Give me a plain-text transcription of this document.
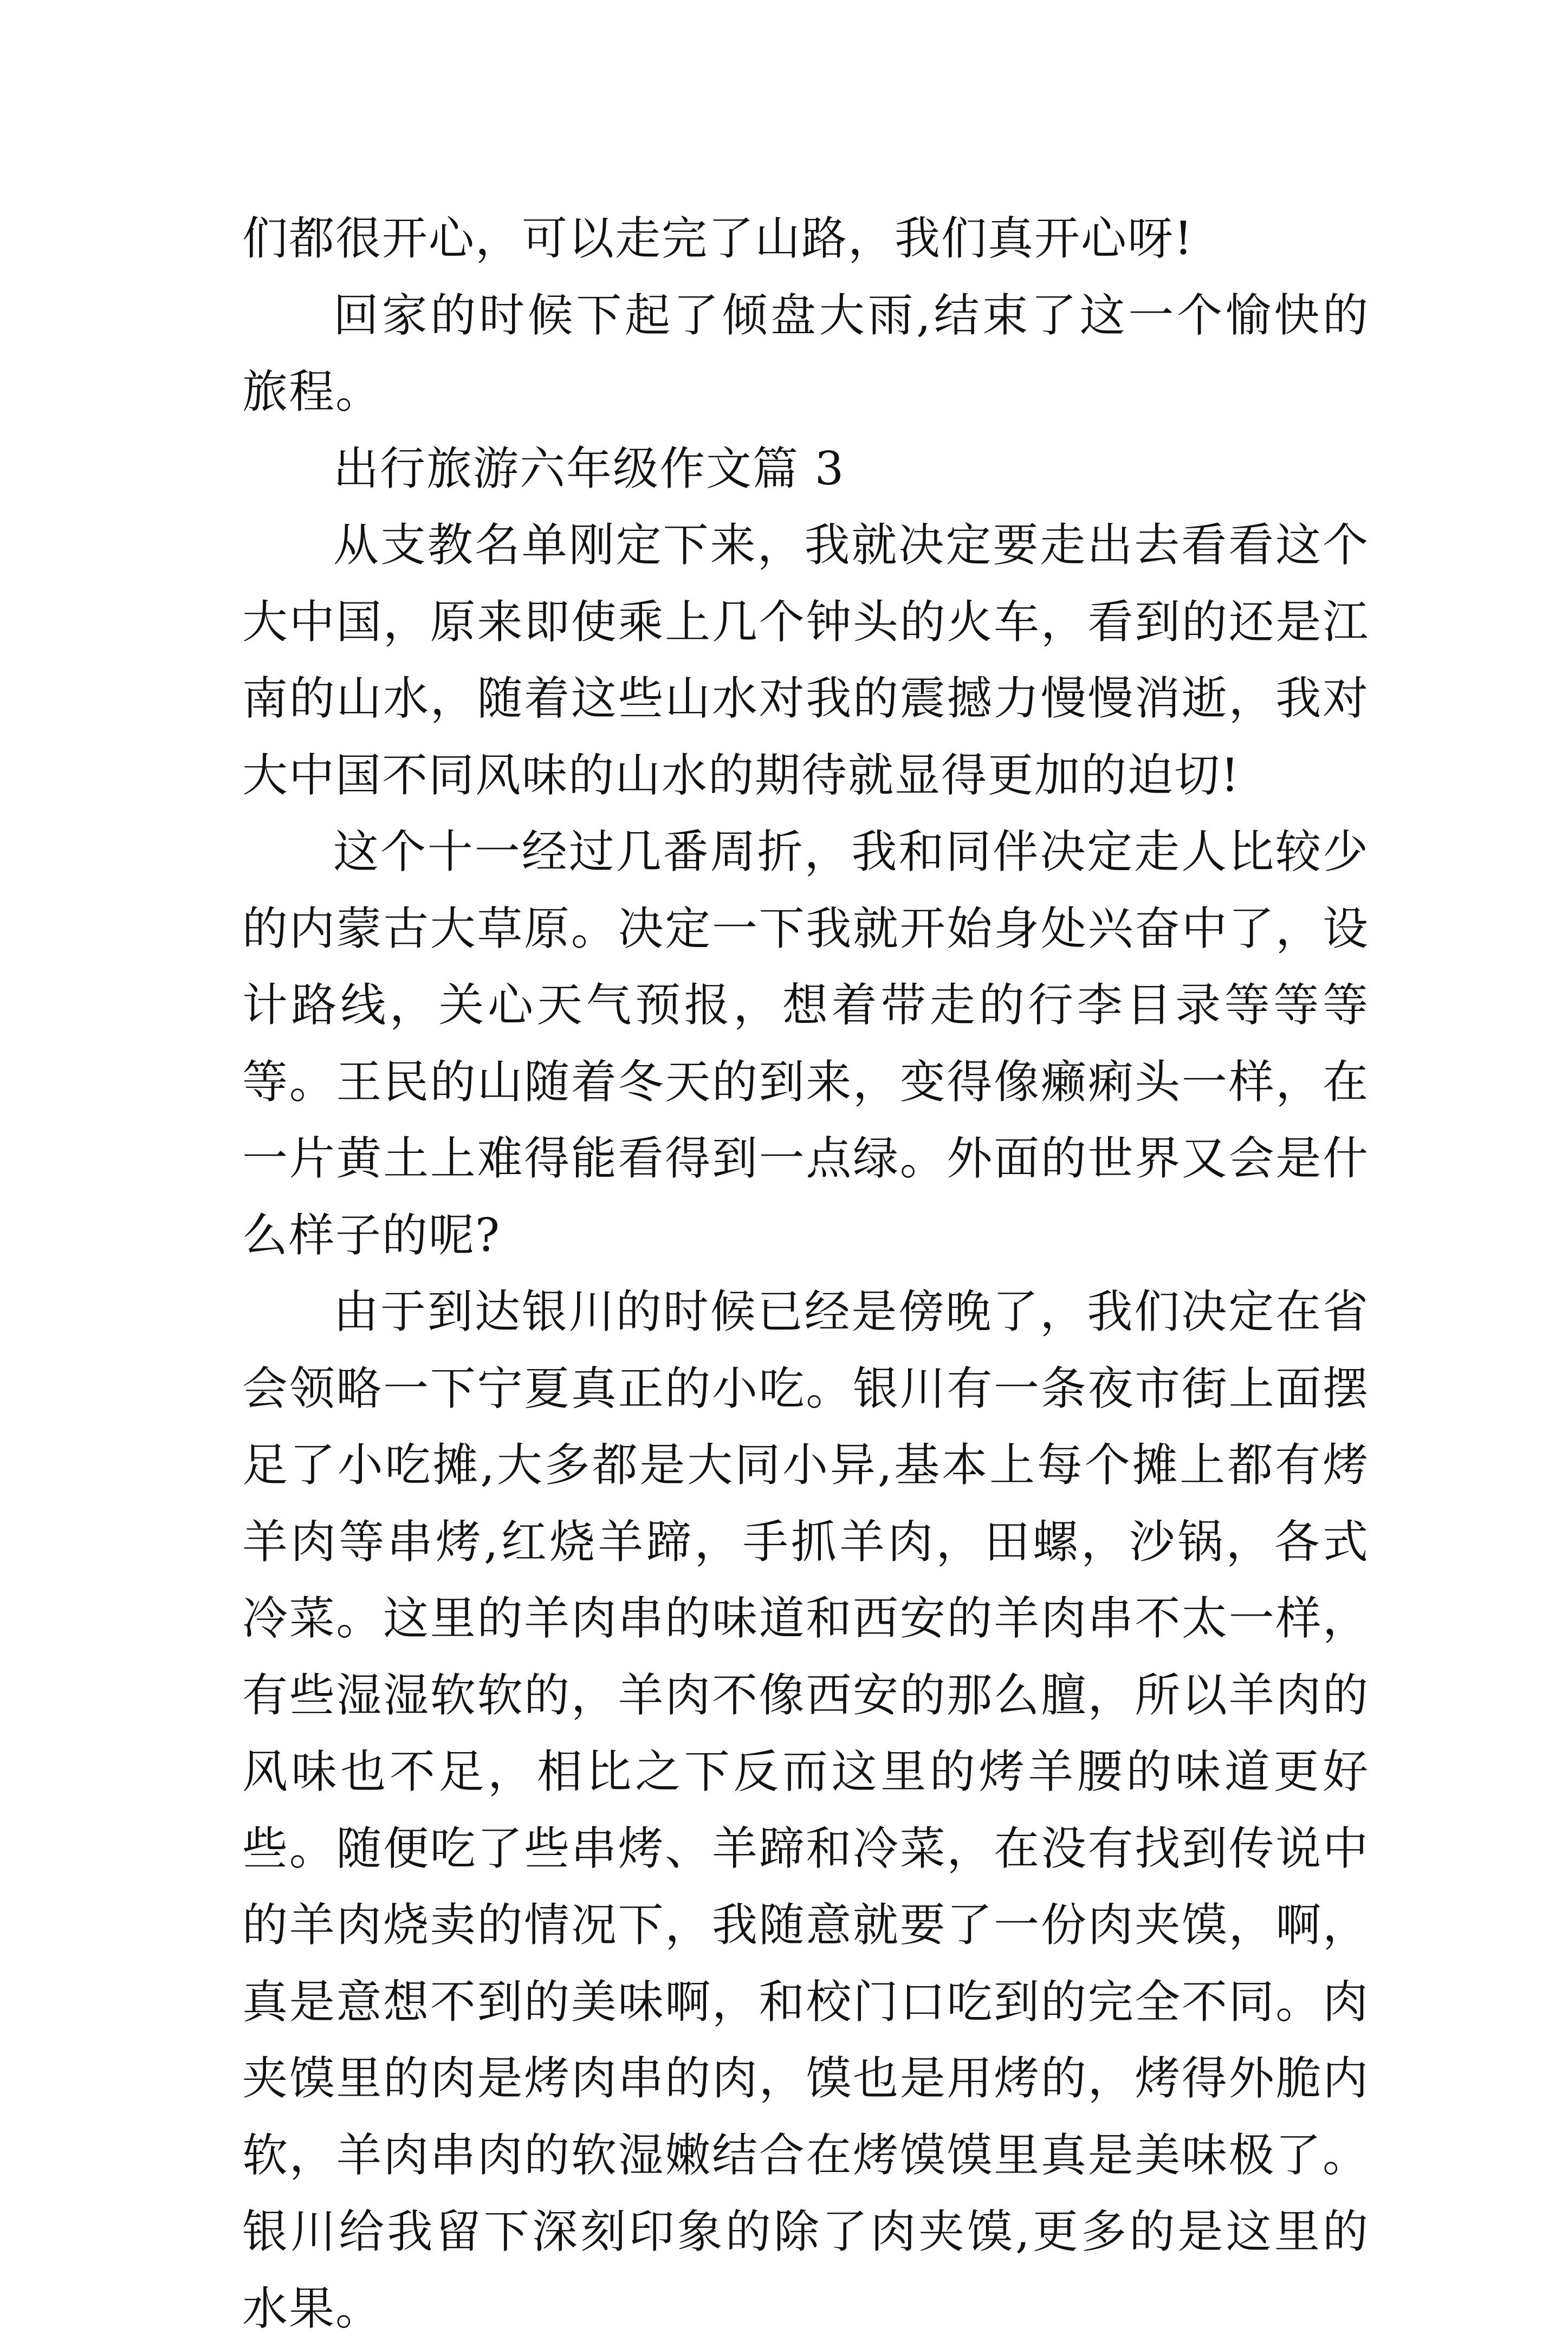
们都很开心，可以走完了山路，我们真开心呀!

回家的时候下起了倾盘大雨,结束了这一个愉快的旅程。

出行旅游六年级作文篇 3

从支教名单刚定下来，我就决定要走出去看看这个大中国，原来即使乘上几个钟头的火车，看到的还是江南的山水，随着这些山水对我的震撼力慢慢消逝，我对大中国不同风味的山水的期待就显得更加的迫切!

这个十一经过几番周折，我和同伴决定走人比较少的内蒙古大草原。决定一下我就开始身处兴奋中了，设计路线，关心天气预报，想着带走的行李目录等等等等。王民的山随着冬天的到来，变得像癞痢头一样，在一片黄土上难得能看得到一点绿。外面的世界又会是什么样子的呢?

由于到达银川的时候已经是傍晚了，我们决定在省会领略一下宁夏真正的小吃。银川有一条夜市街上面摆足了小吃摊,大多都是大同小异,基本上每个摊上都有烤羊肉等串烤,红烧羊蹄，手抓羊肉，田螺，沙锅，各式冷菜。这里的羊肉串的味道和西安的羊肉串不太一样，有些湿湿软软的，羊肉不像西安的那么膻，所以羊肉的风味也不足，相比之下反而这里的烤羊腰的味道更好些。随便吃了些串烤、羊蹄和冷菜，在没有找到传说中的羊肉烧卖的情况下，我随意就要了一份肉夹馍，啊，真是意想不到的美味啊，和校门口吃到的完全不同。肉夹馍里的肉是烤肉串的肉，馍也是用烤的，烤得外脆内软，羊肉串肉的软湿嫩结合在烤馍馍里真是美味极了。银川给我留下深刻印象的除了肉夹馍,更多的是这里的水果。
